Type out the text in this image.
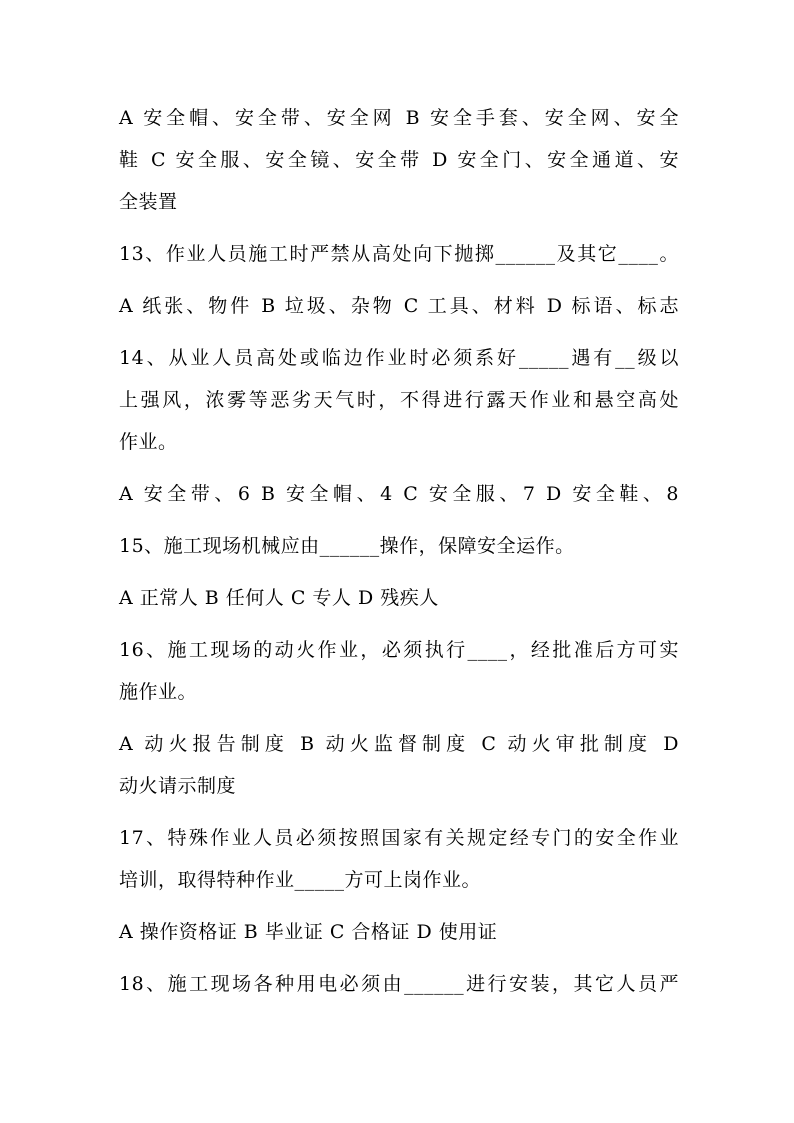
A 安全帽、安全带、安全网 B 安全手套、安全网、安全
鞋 C 安全服、安全镜、安全带 D 安全门、安全通道、安
全装置
13、作业人员施工时严禁从高处向下抛掷______及其它____。
A 纸张、物件 B 垃圾、杂物 C 工具、材料 D 标语、标志
14、从业人员高处或临边作业时必须系好_____遇有__级以
上强风，浓雾等恶劣天气时，不得进行露天作业和悬空高处
作业。
A 安全带、6 B 安全帽、4 C 安全服、7 D 安全鞋、8
15、施工现场机械应由______操作，保障安全运作。
A 正常人 B 任何人 C 专人 D 残疾人
16、施工现场的动火作业，必须执行____，经批准后方可实
施作业。
A 动火报告制度 B 动火监督制度 C 动火审批制度 D
动火请示制度
17、特殊作业人员必须按照国家有关规定经专门的安全作业
培训，取得特种作业_____方可上岗作业。
A 操作资格证 B 毕业证 C 合格证 D 使用证
18、施工现场各种用电必须由______进行安装，其它人员严
